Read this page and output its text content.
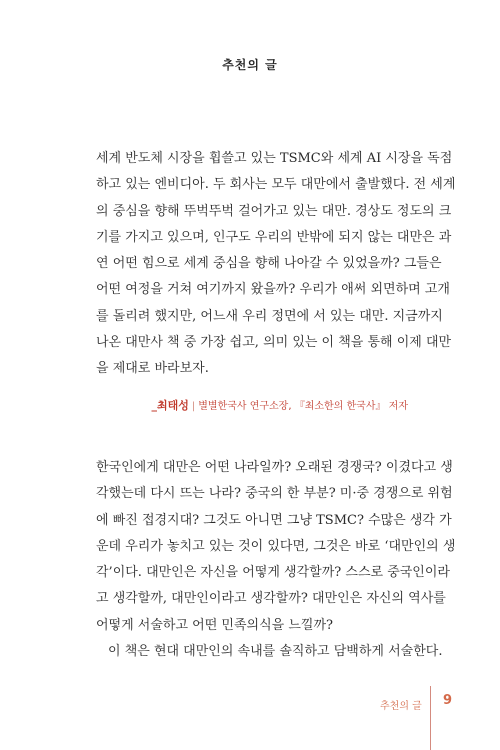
추천의 글
세계 반도체 시장을 휩쓸고 있는 TSMC와 세계 AI 시장을 독점
하고 있는 엔비디아. 두 회사는 모두 대만에서 출발했다. 전 세계
의 중심을 향해 뚜벅뚜벅 걸어가고 있는 대만. 경상도 정도의 크
기를 가지고 있으며, 인구도 우리의 반밖에 되지 않는 대만은 과
연 어떤 힘으로 세계 중심을 향해 나아갈 수 있었을까? 그들은
어떤 여정을 거쳐 여기까지 왔을까? 우리가 애써 외면하며 고개
를 돌리려 했지만, 어느새 우리 정면에 서 있는 대만. 지금까지
나온 대만사 책 중 가장 쉽고, 의미 있는 이 책을 통해 이제 대만
을 제대로 바라보자.
_최태성 | 별별한국사 연구소장, 『최소한의 한국사』 저자
한국인에게 대만은 어떤 나라일까? 오래된 경쟁국? 이겼다고 생
각했는데 다시 뜨는 나라? 중국의 한 부분? 미·중 경쟁으로 위험
에 빠진 접경지대? 그것도 아니면 그냥 TSMC? 수많은 생각 가
운데 우리가 놓치고 있는 것이 있다면, 그것은 바로 ‘대만인의 생
각’이다. 대만인은 자신을 어떻게 생각할까? 스스로 중국인이라
고 생각할까, 대만인이라고 생각할까? 대만인은 자신의 역사를
어떻게 서술하고 어떤 민족의식을 느낄까?
이 책은 현대 대만인의 속내를 솔직하고 담백하게 서술한다.
추천의 글 9
